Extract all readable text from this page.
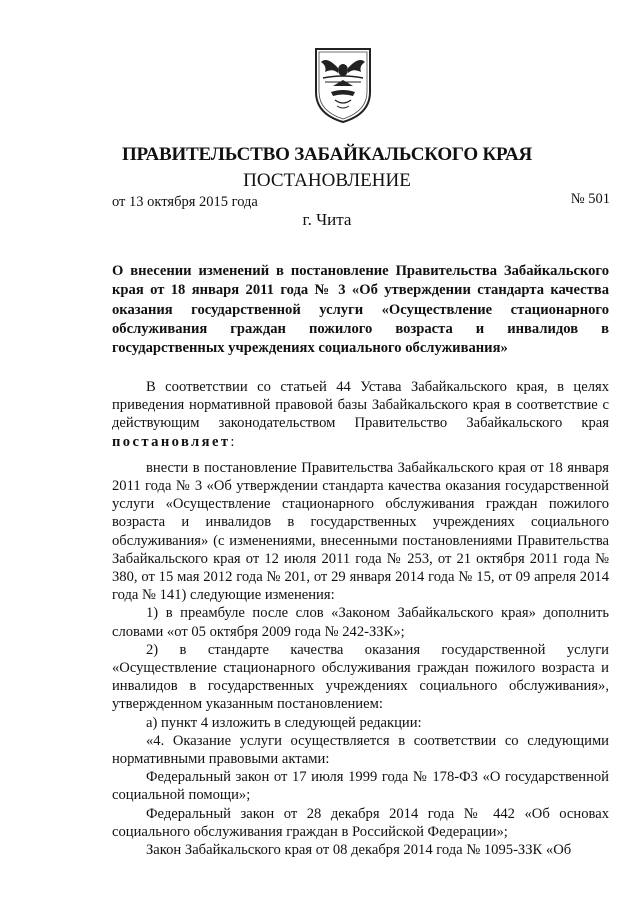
ПРАВИТЕЛЬСТВО ЗАБАЙКАЛЬСКОГО КРАЯ
ПОСТАНОВЛЕНИЕ
от 13 октября 2015 года	№ 501
г. Чита
О внесении изменений в постановление Правительства Забайкальского края от 18 января 2011 года № 3 «Об утверждении стандарта качества оказания государственной услуги «Осуществление стационарного обслуживания граждан пожилого возраста и инвалидов в государственных учреждениях социального обслуживания»

В соответствии со статьей 44 Устава Забайкальского края, в целях приведения нормативной правовой базы Забайкальского края в соответствие с действующим законодательством Правительство Забайкальского края постановляет:

внести в постановление Правительства Забайкальского края от 18 января 2011 года № 3 «Об утверждении стандарта качества оказания государственной услуги «Осуществление стационарного обслуживания граждан пожилого возраста и инвалидов в государственных учреждениях социального обслуживания» (с изменениями, внесенными постановлениями Правительства Забайкальского края от 12 июля 2011 года № 253, от 21 октября 2011 года № 380, от 15 мая 2012 года № 201, от 29 января 2014 года № 15, от 09 апреля 2014 года № 141) следующие изменения:

1) в преамбуле после слов «Законом Забайкальского края» дополнить словами «от 05 октября 2009 года № 242-ЗЗК»;

2) в стандарте качества оказания государственной услуги «Осуществление стационарного обслуживания граждан пожилого возраста и инвалидов в государственных учреждениях социального обслуживания», утвержденном указанным постановлением:

а) пункт 4 изложить в следующей редакции:

«4. Оказание услуги осуществляется в соответствии со следующими нормативными правовыми актами:

Федеральный закон от 17 июля 1999 года № 178-ФЗ «О государственной социальной помощи»;

Федеральный закон от 28 декабря 2014 года № 442 «Об основах социального обслуживания граждан в Российской Федерации»;

Закон Забайкальского края от 08 декабря 2014 года № 1095-ЗЗК «Об
